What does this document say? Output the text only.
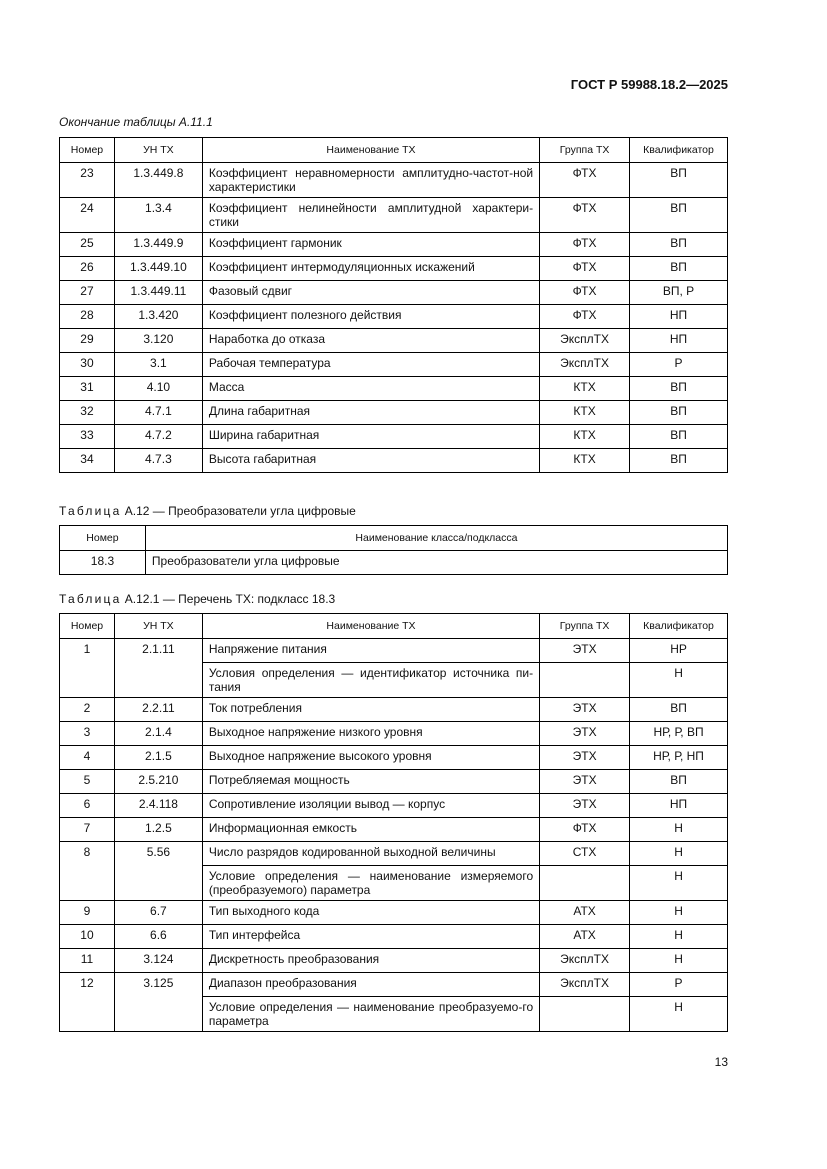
ГОСТ Р 59988.18.2—2025
Окончание таблицы А.11.1
Номер	УН ТХ	Наименование ТХ	Группа ТХ	Квалификатор
23	1.3.449.8	Коэффициент неравномерности амплитудно-частот-ной характеристики	ФТХ	ВП
24	1.3.4	Коэффициент нелинейности амплитудной характери-стики	ФТХ	ВП
25	1.3.449.9	Коэффициент гармоник	ФТХ	ВП
26	1.3.449.10	Коэффициент интермодуляционных искажений	ФТХ	ВП
27	1.3.449.11	Фазовый сдвиг	ФТХ	ВП, Р
28	1.3.420	Коэффициент полезного действия	ФТХ	НП
29	3.120	Наработка до отказа	ЭксплТХ	НП
30	3.1	Рабочая температура	ЭксплТХ	Р
31	4.10	Масса	КТХ	ВП
32	4.7.1	Длина габаритная	КТХ	ВП
33	4.7.2	Ширина габаритная	КТХ	ВП
34	4.7.3	Высота габаритная	КТХ	ВП
Таблица А.12 — Преобразователи угла цифровые
Номер	Наименование класса/подкласса
18.3	Преобразователи угла цифровые
Таблица А.12.1 — Перечень ТХ: подкласс 18.3
Номер	УН ТХ	Наименование ТХ	Группа ТХ	Квалификатор
1	2.1.11	Напряжение питания	ЭТХ	НР
		Условия определения — идентификатор источника пи-тания		Н
2	2.2.11	Ток потребления	ЭТХ	ВП
3	2.1.4	Выходное напряжение низкого уровня	ЭТХ	НР, Р, ВП
4	2.1.5	Выходное напряжение высокого уровня	ЭТХ	НР, Р, НП
5	2.5.210	Потребляемая мощность	ЭТХ	ВП
6	2.4.118	Сопротивление изоляции вывод — корпус	ЭТХ	НП
7	1.2.5	Информационная емкость	ФТХ	Н
8	5.56	Число разрядов кодированной выходной величины	СТХ	Н
		Условие определения — наименование измеряемого (преобразуемого) параметра		Н
9	6.7	Тип выходного кода	АТХ	Н
10	6.6	Тип интерфейса	АТХ	Н
11	3.124	Дискретность преобразования	ЭксплТХ	Н
12	3.125	Диапазон преобразования	ЭксплТХ	Р
		Условие определения — наименование преобразуемо-го параметра		Н
13
